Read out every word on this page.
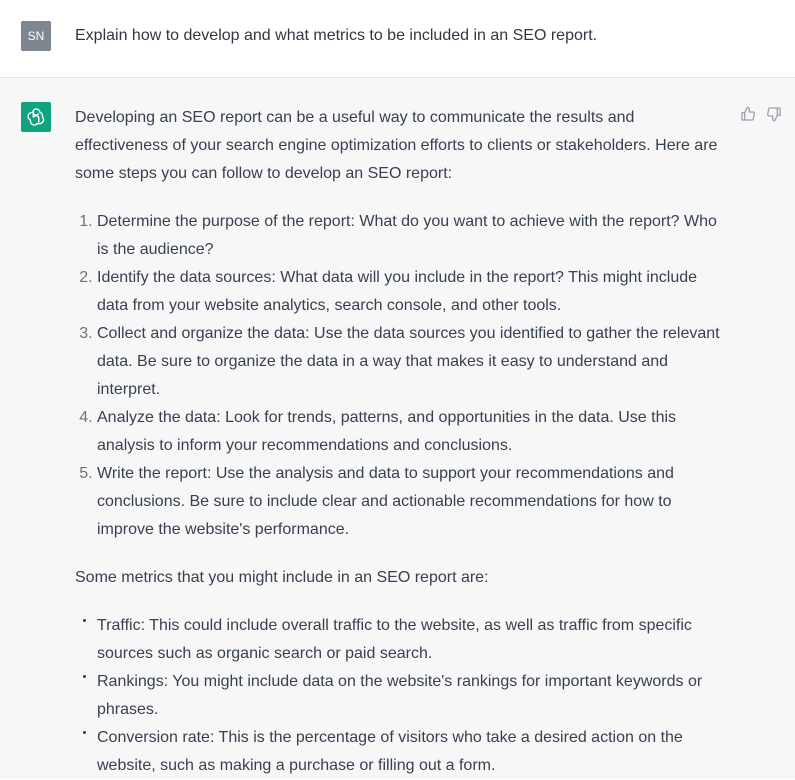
SN	Explain how to develop and what metrics to be included in an SEO report.

Developing an SEO report can be a useful way to communicate the results and effectiveness of your search engine optimization efforts to clients or stakeholders. Here are some steps you can follow to develop an SEO report:

1. Determine the purpose of the report: What do you want to achieve with the report? Who is the audience?
2. Identify the data sources: What data will you include in the report? This might include data from your website analytics, search console, and other tools.
3. Collect and organize the data: Use the data sources you identified to gather the relevant data. Be sure to organize the data in a way that makes it easy to understand and interpret.
4. Analyze the data: Look for trends, patterns, and opportunities in the data. Use this analysis to inform your recommendations and conclusions.
5. Write the report: Use the analysis and data to support your recommendations and conclusions. Be sure to include clear and actionable recommendations for how to improve the website's performance.

Some metrics that you might include in an SEO report are:

Traffic: This could include overall traffic to the website, as well as traffic from specific sources such as organic search or paid search.
Rankings: You might include data on the website's rankings for important keywords or phrases.
Conversion rate: This is the percentage of visitors who take a desired action on the website, such as making a purchase or filling out a form.
